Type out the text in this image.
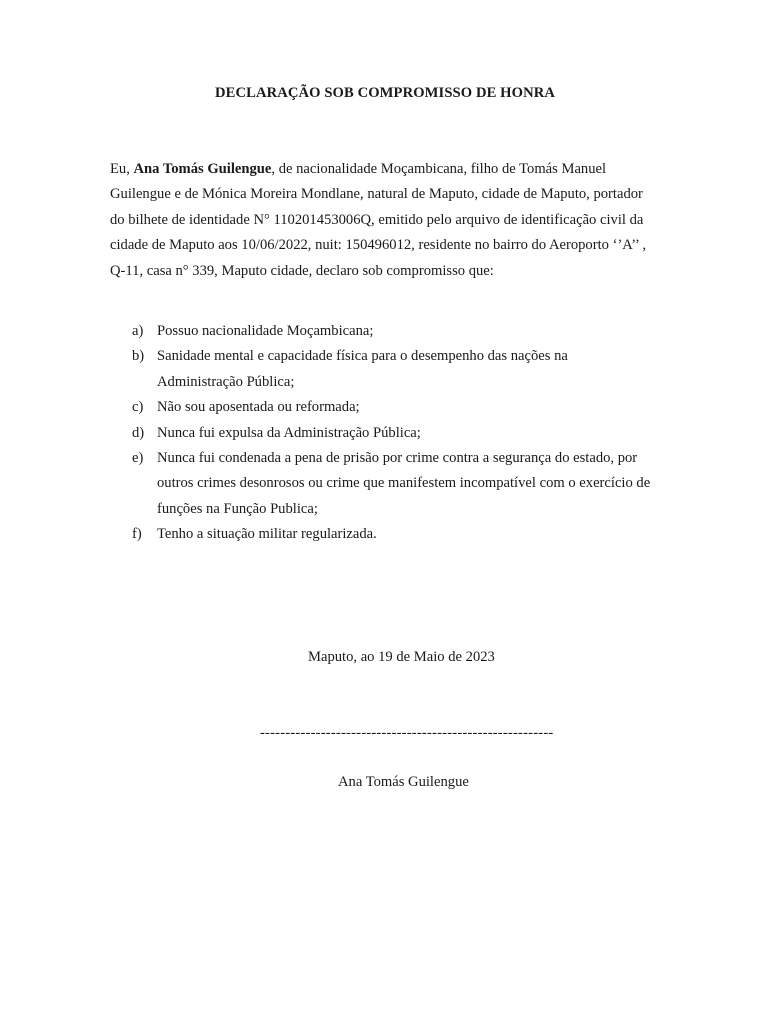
DECLARAÇÃO SOB COMPROMISSO DE HONRA

Eu, Ana Tomás Guilengue, de nacionalidade Moçambicana, filho de Tomás Manuel Guilengue e de Mónica Moreira Mondlane, natural de Maputo, cidade de Maputo, portador do bilhete de identidade N° 110201453006Q, emitido pelo arquivo de identificação civil da cidade de Maputo aos 10/06/2022, nuit: 150496012, residente no bairro do Aeroporto ‘’A’’ , Q-11, casa n° 339, Maputo cidade, declaro sob compromisso que:

a) Possuo nacionalidade Moçambicana;
b) Sanidade mental e capacidade física para o desempenho das nações na Administração Pública;
c) Não sou aposentada ou reformada;
d) Nunca fui expulsa da Administração Pública;
e) Nunca fui condenada a pena de prisão por crime contra a segurança do estado, por outros crimes desonrosos ou crime que manifestem incompatível com o exercício de funções na Função Publica;
f) Tenho a situação militar regularizada.
Maputo, ao 19 de Maio de 2023
----------------------------------------------------------
Ana Tomás Guilengue
